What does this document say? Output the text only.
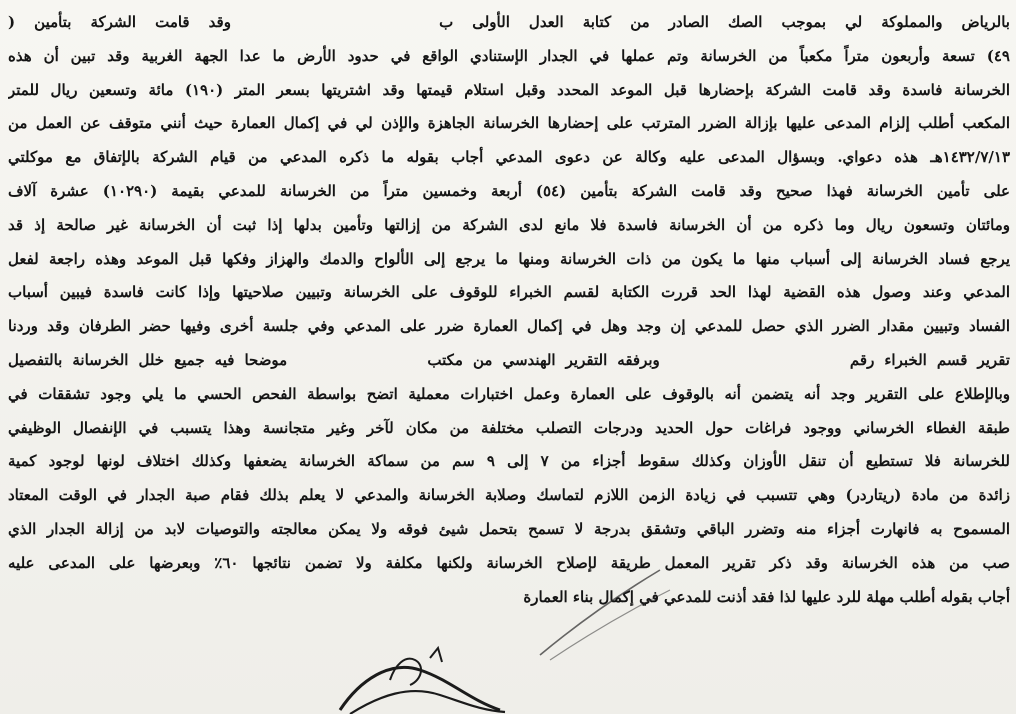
بالرياض والمملوكة لي بموجب الصك الصادر من كتابة العدل الأولى ب  وقد قامت الشركة بتأمين (
٤٩) تسعة وأربعون متراً مكعباً من الخرسانة وتم عملها في الجدار الإستنادي الواقع في حدود الأرض ما عدا الجهة الغربية وقد تبين أن هذه
الخرسانة فاسدة وقد قامت الشركة بإحضارها قبل الموعد المحدد وقبل استلام قيمتها وقد اشتريتها بسعر المتر (١٩٠) مائة وتسعين ريال للمتر
المكعب أطلب إلزام المدعى عليها بإزالة الضرر المترتب على إحضارها الخرسانة الجاهزة والإذن لي في إكمال العمارة حيث أنني متوقف عن العمل من
١٤٣٢/٧/١٣هـ هذه دعواي. وبسؤال المدعى عليه وكالة عن دعوى المدعي أجاب بقوله ما ذكره المدعي من قيام الشركة بالإتفاق مع موكلتي
على تأمين الخرسانة فهذا صحيح وقد قامت الشركة بتأمين (٥٤) أربعة وخمسين متراً من الخرسانة للمدعي بقيمة (١٠٢٩٠) عشرة آلاف
ومائتان وتسعون ريال وما ذكره من أن الخرسانة فاسدة فلا مانع لدى الشركة من إزالتها وتأمين بدلها إذا ثبت أن الخرسانة غير صالحة إذ قد
يرجع فساد الخرسانة إلى أسباب منها ما يكون من ذات الخرسانة ومنها ما يرجع إلى الألواح والدمك والهزاز وفكها قبل الموعد وهذه راجعة لفعل
المدعي وعند وصول هذه القضية لهذا الحد قررت الكتابة لقسم الخبراء للوقوف على الخرسانة وتبيين صلاحيتها وإذا كانت فاسدة فيبين أسباب
الفساد وتبيين مقدار الضرر الذي حصل للمدعي إن وجد وهل في إكمال العمارة ضرر على المدعي وفي جلسة أخرى وفيها حضر الطرفان وقد وردنا
تقرير قسم الخبراء رقم  وبرفقه التقرير الهندسي من مكتب  موضحا فيه جميع خلل الخرسانة بالتفصيل
وبالإطلاع على التقرير وجد أنه يتضمن أنه بالوقوف على العمارة وعمل اختبارات معملية اتضح بواسطة الفحص الحسي ما يلي وجود تشققات في
طبقة الغطاء الخرساني ووجود فراغات حول الحديد ودرجات التصلب مختلفة من مكان لآخر وغير متجانسة وهذا يتسبب في الإنفصال الوظيفي
للخرسانة فلا تستطيع أن تنقل الأوزان وكذلك سقوط أجزاء من ٧ إلى ٩ سم من سماكة الخرسانة يضعفها وكذلك اختلاف لونها لوجود كمية
زائدة من مادة (ريتاردر) وهي تتسبب في زيادة الزمن اللازم لتماسك وصلابة الخرسانة والمدعي لا يعلم بذلك فقام صبة الجدار في الوقت المعتاد
المسموح به فانهارت أجزاء منه وتضرر الباقي وتشقق بدرجة لا تسمح بتحمل شيئ فوقه ولا يمكن معالجته والتوصيات لابد من إزالة الجدار الذي
صب من هذه الخرسانة وقد ذكر تقرير المعمل طريقة لإصلاح الخرسانة ولكنها مكلفة ولا تضمن نتائجها ٦٠٪ وبعرضها على المدعى عليه
أجاب بقوله أطلب مهلة للرد عليها لذا فقد أذنت للمدعي في إكمال بناء العمارة
